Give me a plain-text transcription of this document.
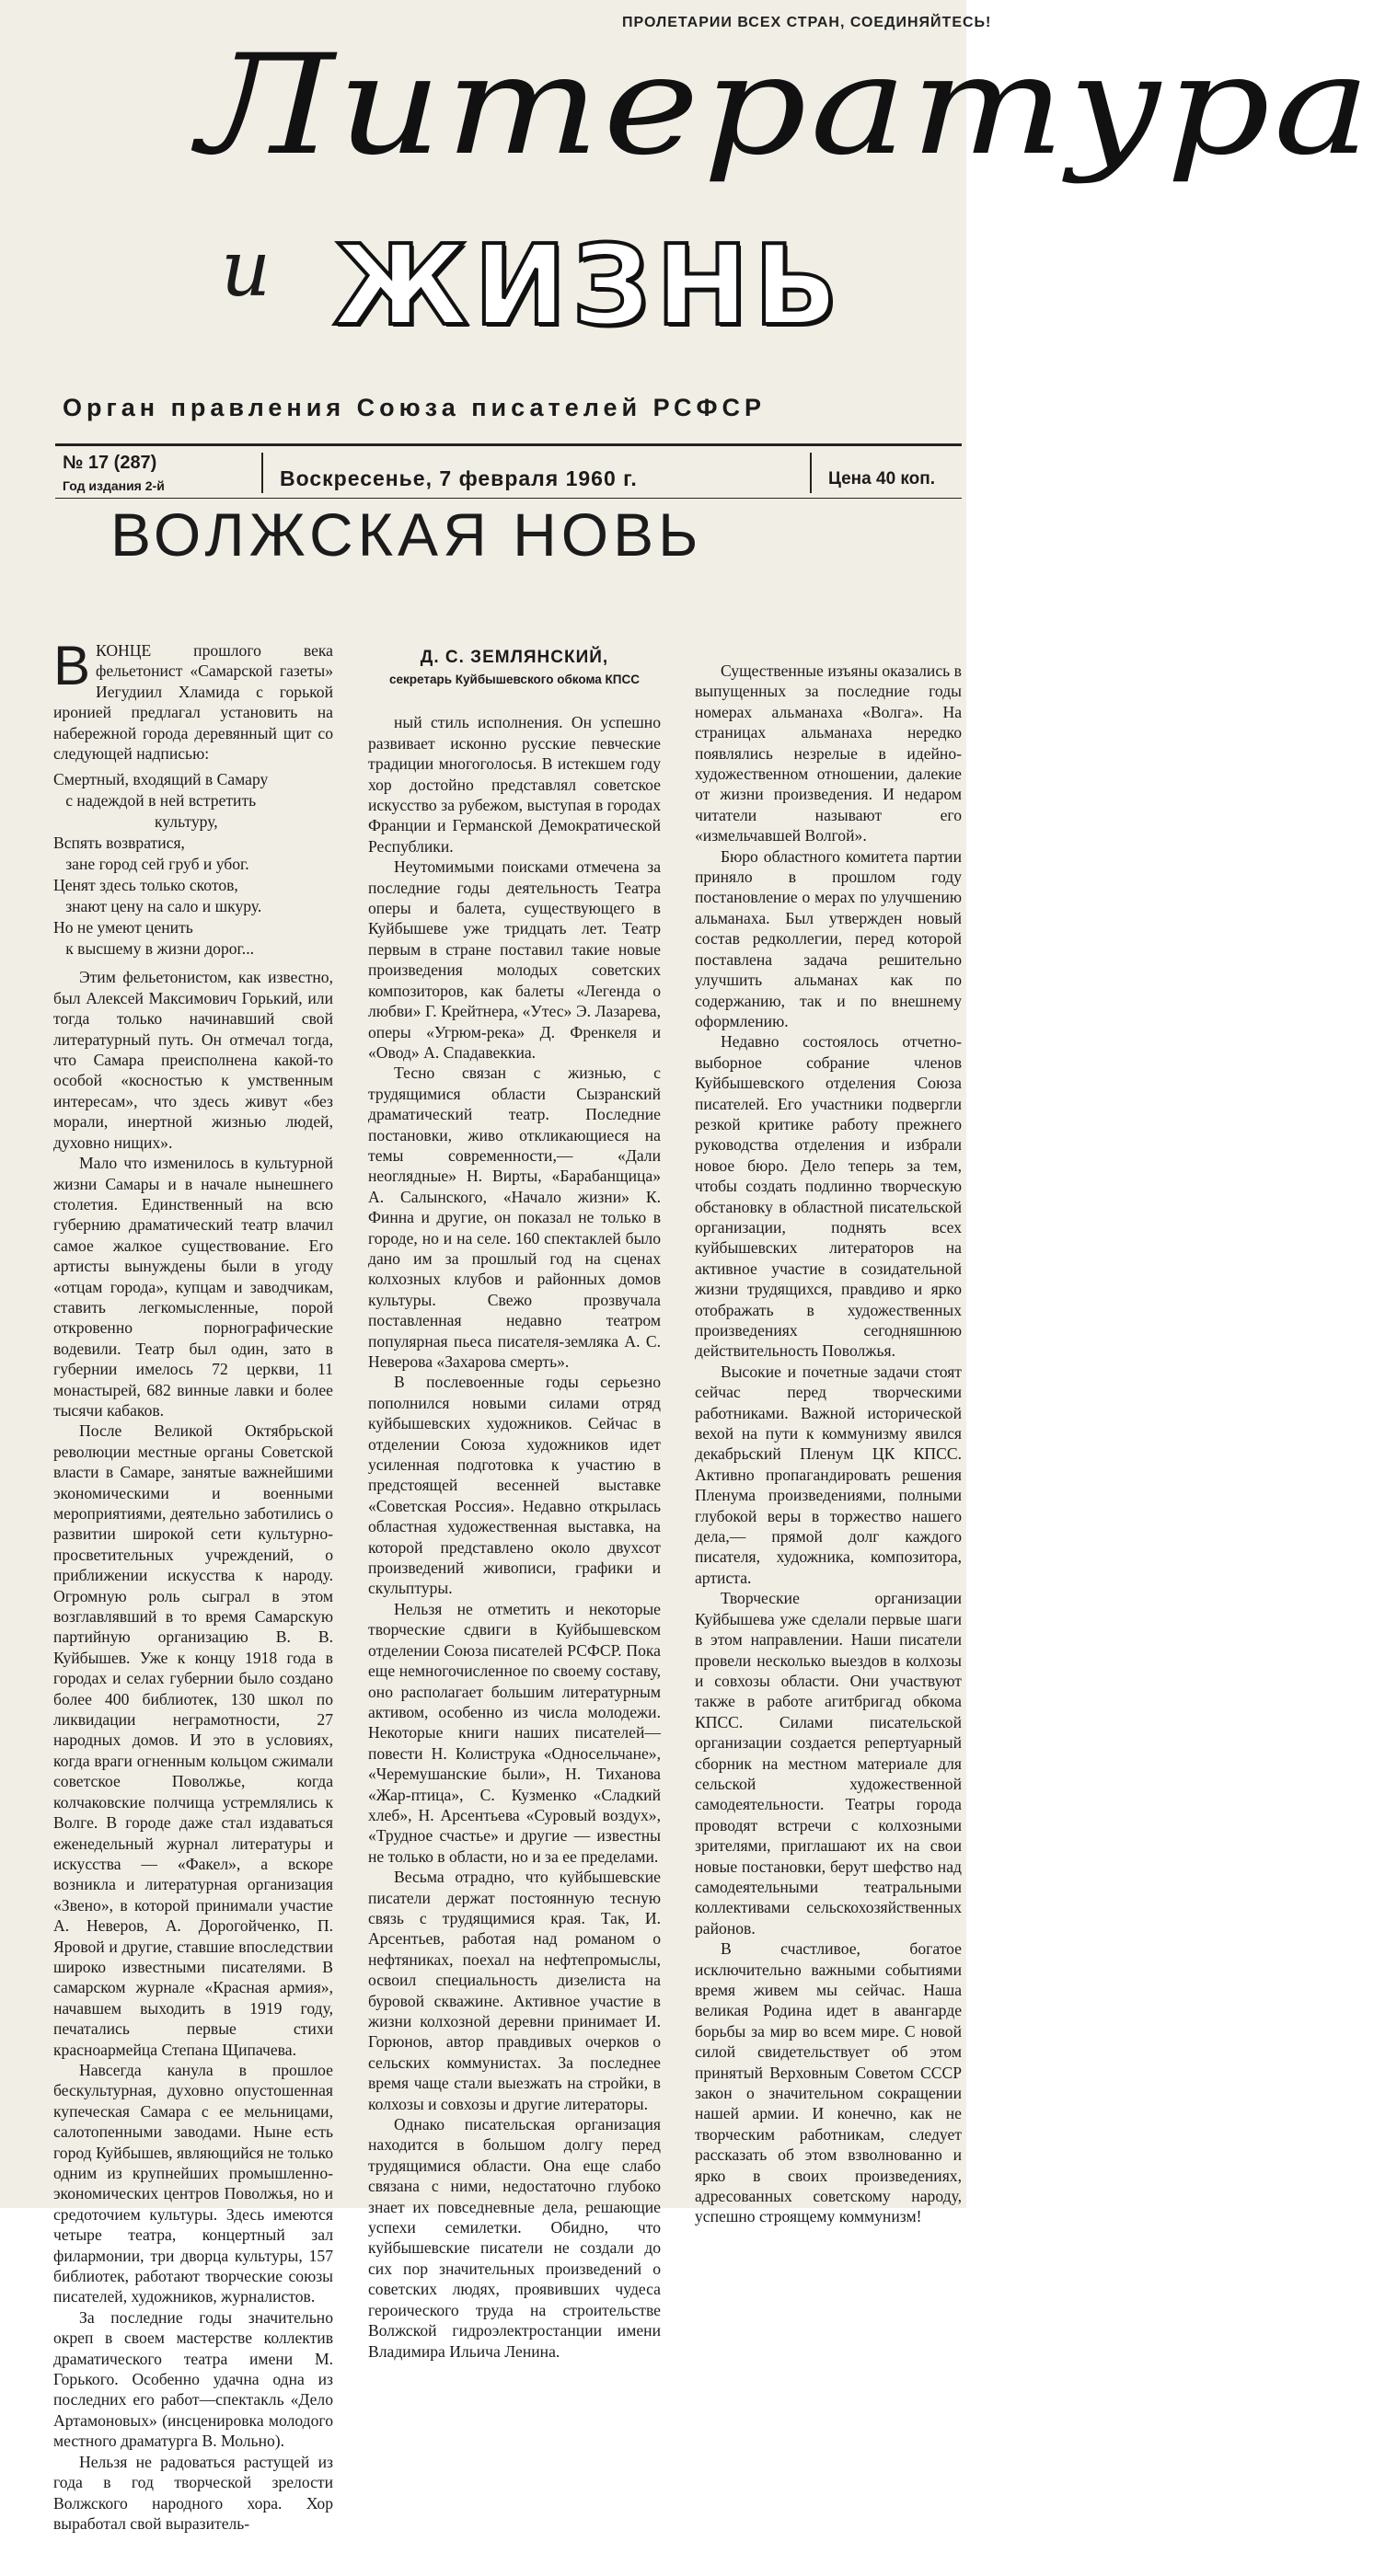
ПРОЛЕТАРИИ ВСЕХ СТРАН, СОЕДИНЯЙТЕСЬ!
Литература
и ЖИЗНЬ
Орган правления Союза писателей РСФСР
№ 17 (287)
Год издания 2-й	Воскресенье, 7 февраля 1960 г.	Цена 40 коп.
ВОЛЖСКАЯ НОВЬ

ВКОНЦЕ прошлого века фельетонист «Самарской газеты» Иегудиил Хламида с горькой иронией предлагал установить на набережной города деревянный щит со следующей надписью:

Смертный, входящий в Самару
с надеждой в ней встретить
культуру,
Вспять возвратися,
зане город сей груб и убог.
Ценят здесь только скотов,
знают цену на сало и шкуру.
Но не умеют ценить
к высшему в жизни дорог...

Этим фельетонистом, как известно, был Алексей Максимович Горький, или тогда только начинавший свой литературный путь. Он отмечал тогда, что Самара преисполнена какой-то особой «косностью к умственным интересам», что здесь живут «без морали, инертной жизнью людей, духовно нищих».

Мало что изменилось в культурной жизни Самары и в начале нынешнего столетия. Единственный на всю губернию драматический театр влачил самое жалкое существование. Его артисты вынуждены были в угоду «отцам города», купцам и заводчикам, ставить легкомысленные, порой откровенно порнографические водевили. Театр был один, зато в губернии имелось 72 церкви, 11 монастырей, 682 винные лавки и более тысячи кабаков.

После Великой Октябрьской революции местные органы Советской власти в Самаре, занятые важнейшими экономическими и военными мероприятиями, деятельно заботились о развитии широкой сети культурно-просветительных учреждений, о приближении искусства к народу. Огромную роль сыграл в этом возглавлявший в то время Самарскую партийную организацию В. В. Куйбышев. Уже к концу 1918 года в городах и селах губернии было создано более 400 библиотек, 130 школ по ликвидации неграмотности, 27 народных домов. И это в условиях, когда враги огненным кольцом сжимали советское Поволжье, когда колчаковские полчища устремлялись к Волге. В городе даже стал издаваться еженедельный журнал литературы и искусства — «Факел», а вскоре возникла и литературная организация «Звено», в которой принимали участие А. Неверов, А. Дорогойченко, П. Яровой и другие, ставшие впоследствии широко известными писателями. В самарском журнале «Красная армия», начавшем выходить в 1919 году, печатались первые стихи красноармейца Степана Щипачева.

Навсегда канула в прошлое бескультурная, духовно опустошенная купеческая Самара с ее мельницами, салотопенными заводами. Ныне есть город Куйбышев, являющийся не только одним из крупнейших промышленно-экономических центров Поволжья, но и средоточием культуры. Здесь имеются четыре театра, концертный зал филармонии, три дворца культуры, 157 библиотек, работают творческие союзы писателей, художников, журналистов.

За последние годы значительно окреп в своем мастерстве коллектив драматического театра имени М. Горького. Особенно удачна одна из последних его работ—спектакль «Дело Артамоновых» (инсценировка молодого местного драматурга В. Мольно).

Нельзя не радоваться растущей из года в год творческой зрелости Волжского народного хора. Хор выработал свой выразитель-

Д. С. ЗЕМЛЯНСКИЙ,
секретарь Куйбышевского обкома КПСС

ный стиль исполнения. Он успешно развивает исконно русские певческие традиции многоголосья. В истекшем году хор достойно представлял советское искусство за рубежом, выступая в городах Франции и Германской Демократической Республики.

Неутомимыми поисками отмечена за последние годы деятельность Театра оперы и балета, существующего в Куйбышеве уже тридцать лет. Театр первым в стране поставил такие новые произведения молодых советских композиторов, как балеты «Легенда о любви» Г. Крейтнера, «Утес» Э. Лазарева, оперы «Угрюм-река» Д. Френкеля и «Овод» А. Спадавеккиа.

Тесно связан с жизнью, с трудящимися области Сызранский драматический театр. Последние постановки, живо откликающиеся на темы современности,— «Дали неоглядные» Н. Вирты, «Барабанщица» А. Салынского, «Начало жизни» К. Финна и другие, он показал не только в городе, но и на селе. 160 спектаклей было дано им за прошлый год на сценах колхозных клубов и районных домов культуры. Свежо прозвучала поставленная недавно театром популярная пьеса писателя-земляка А. С. Неверова «Захарова смерть».

В послевоенные годы серьезно пополнился новыми силами отряд куйбышевских художников. Сейчас в отделении Союза художников идет усиленная подготовка к участию в предстоящей весенней выставке «Советская Россия». Недавно открылась областная художественная выставка, на которой представлено около двухсот произведений живописи, графики и скульптуры.

Нельзя не отметить и некоторые творческие сдвиги в Куйбышевском отделении Союза писателей РСФСР. Пока еще немногочисленное по своему составу, оно располагает большим литературным активом, особенно из числа молодежи. Некоторые книги наших писателей—повести Н. Колиструка «Односельчане», «Черемушанские были», Н. Тиханова «Жар-птица», С. Кузменко «Сладкий хлеб», Н. Арсентьева «Суровый воздух», «Трудное счастье» и другие — известны не только в области, но и за ее пределами.

Весьма отрадно, что куйбышевские писатели держат постоянную тесную связь с трудящимися края. Так, И. Арсентьев, работая над романом о нефтяниках, поехал на нефтепромыслы, освоил специальность дизелиста на буровой скважине. Активное участие в жизни колхозной деревни принимает И. Горюнов, автор правдивых очерков о сельских коммунистах. За последнее время чаще стали выезжать на стройки, в колхозы и совхозы и другие литераторы.

Однако писательская организация находится в большом долгу перед трудящимися области. Она еще слабо связана с ними, недостаточно глубоко знает их повседневные дела, решающие успехи семилетки. Обидно, что куйбышевские писатели не создали до сих пор значительных произведений о советских людях, проявивших чудеса героического труда на строительстве Волжской гидроэлектростанции имени Владимира Ильича Ленина.

Существенные изъяны оказались в выпущенных за последние годы номерах альманаха «Волга». На страницах альманаха нередко появлялись незрелые в идейно-художественном отношении, далекие от жизни произведения. И недаром читатели называют его «измельчавшей Волгой».

Бюро областного комитета партии приняло в прошлом году постановление о мерах по улучшению альманаха. Был утвержден новый состав редколлегии, перед которой поставлена задача решительно улучшить альманах как по содержанию, так и по внешнему оформлению.

Недавно состоялось отчетно-выборное собрание членов Куйбышевского отделения Союза писателей. Его участники подвергли резкой критике работу прежнего руководства отделения и избрали новое бюро. Дело теперь за тем, чтобы создать подлинно творческую обстановку в областной писательской организации, поднять всех куйбышевских литераторов на активное участие в созидательной жизни трудящихся, правдиво и ярко отображать в художественных произведениях сегодняшнюю действительность Поволжья.

Высокие и почетные задачи стоят сейчас перед творческими работниками. Важной исторической вехой на пути к коммунизму явился декабрьский Пленум ЦК КПСС. Активно пропагандировать решения Пленума произведениями, полными глубокой веры в торжество нашего дела,— прямой долг каждого писателя, художника, композитора, артиста.

Творческие организации Куйбышева уже сделали первые шаги в этом направлении. Наши писатели провели несколько выездов в колхозы и совхозы области. Они участвуют также в работе агитбригад обкома КПСС. Силами писательской организации создается репертуарный сборник на местном материале для сельской художественной самодеятельности. Театры города проводят встречи с колхозными зрителями, приглашают их на свои новые постановки, берут шефство над самодеятельными театральными коллективами сельскохозяйственных районов.

В счастливое, богатое исключительно важными событиями время живем мы сейчас. Наша великая Родина идет в авангарде борьбы за мир во всем мире. С новой силой свидетельствует об этом принятый Верховным Советом СССР закон о значительном сокращении нашей армии. И конечно, как не творческим работникам, следует рассказать об этом взволнованно и ярко в своих произведениях, адресованных советскому народу, успешно строящему коммунизм!
